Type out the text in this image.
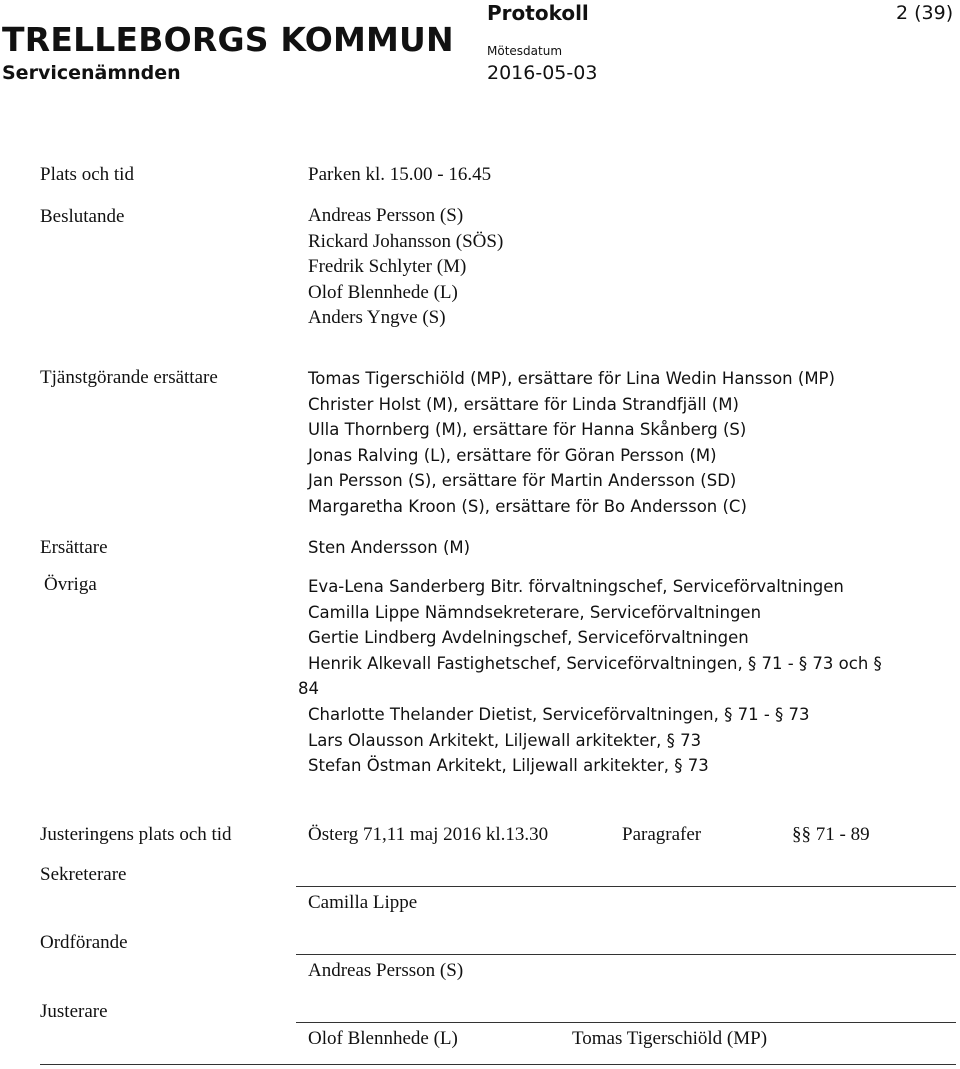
TRELLEBORGS KOMMUN
Servicenämnden
Protokoll	2 (39)
Mötesdatum
2016-05-03
Plats och tid	Parken kl. 15.00 - 16.45
Beslutande	Andreas Persson (S)
Rickard Johansson (SÖS)
Fredrik Schlyter (M)
Olof Blennhede (L)
Anders Yngve (S)
Tjänstgörande ersättare	Tomas Tigerschiöld (MP), ersättare för Lina Wedin Hansson (MP)
Christer Holst (M), ersättare för Linda Strandfjäll (M)
Ulla Thornberg (M), ersättare för Hanna Skånberg (S)
Jonas Ralving (L), ersättare för Göran Persson (M)
Jan Persson (S), ersättare för Martin Andersson (SD)
Margaretha Kroon (S), ersättare för Bo Andersson (C)
Ersättare	Sten Andersson (M)
Övriga	Eva-Lena Sanderberg Bitr. förvaltningschef, Serviceförvaltningen
Camilla Lippe Nämndsekreterare, Serviceförvaltningen
Gertie Lindberg Avdelningschef, Serviceförvaltningen
Henrik Alkevall Fastighetschef, Serviceförvaltningen, § 71 - § 73 och §
84
Charlotte Thelander Dietist, Serviceförvaltningen, § 71 - § 73
Lars Olausson Arkitekt, Liljewall arkitekter, § 73
Stefan Östman Arkitekt, Liljewall arkitekter, § 73
Justeringens plats och tid	Österg 71,11 maj 2016 kl.13.30	Paragrafer	§§ 71 - 89
Sekreterare
Camilla Lippe
Ordförande
Andreas Persson (S)
Justerare
Olof Blennhede (L)	Tomas Tigerschiöld (MP)
